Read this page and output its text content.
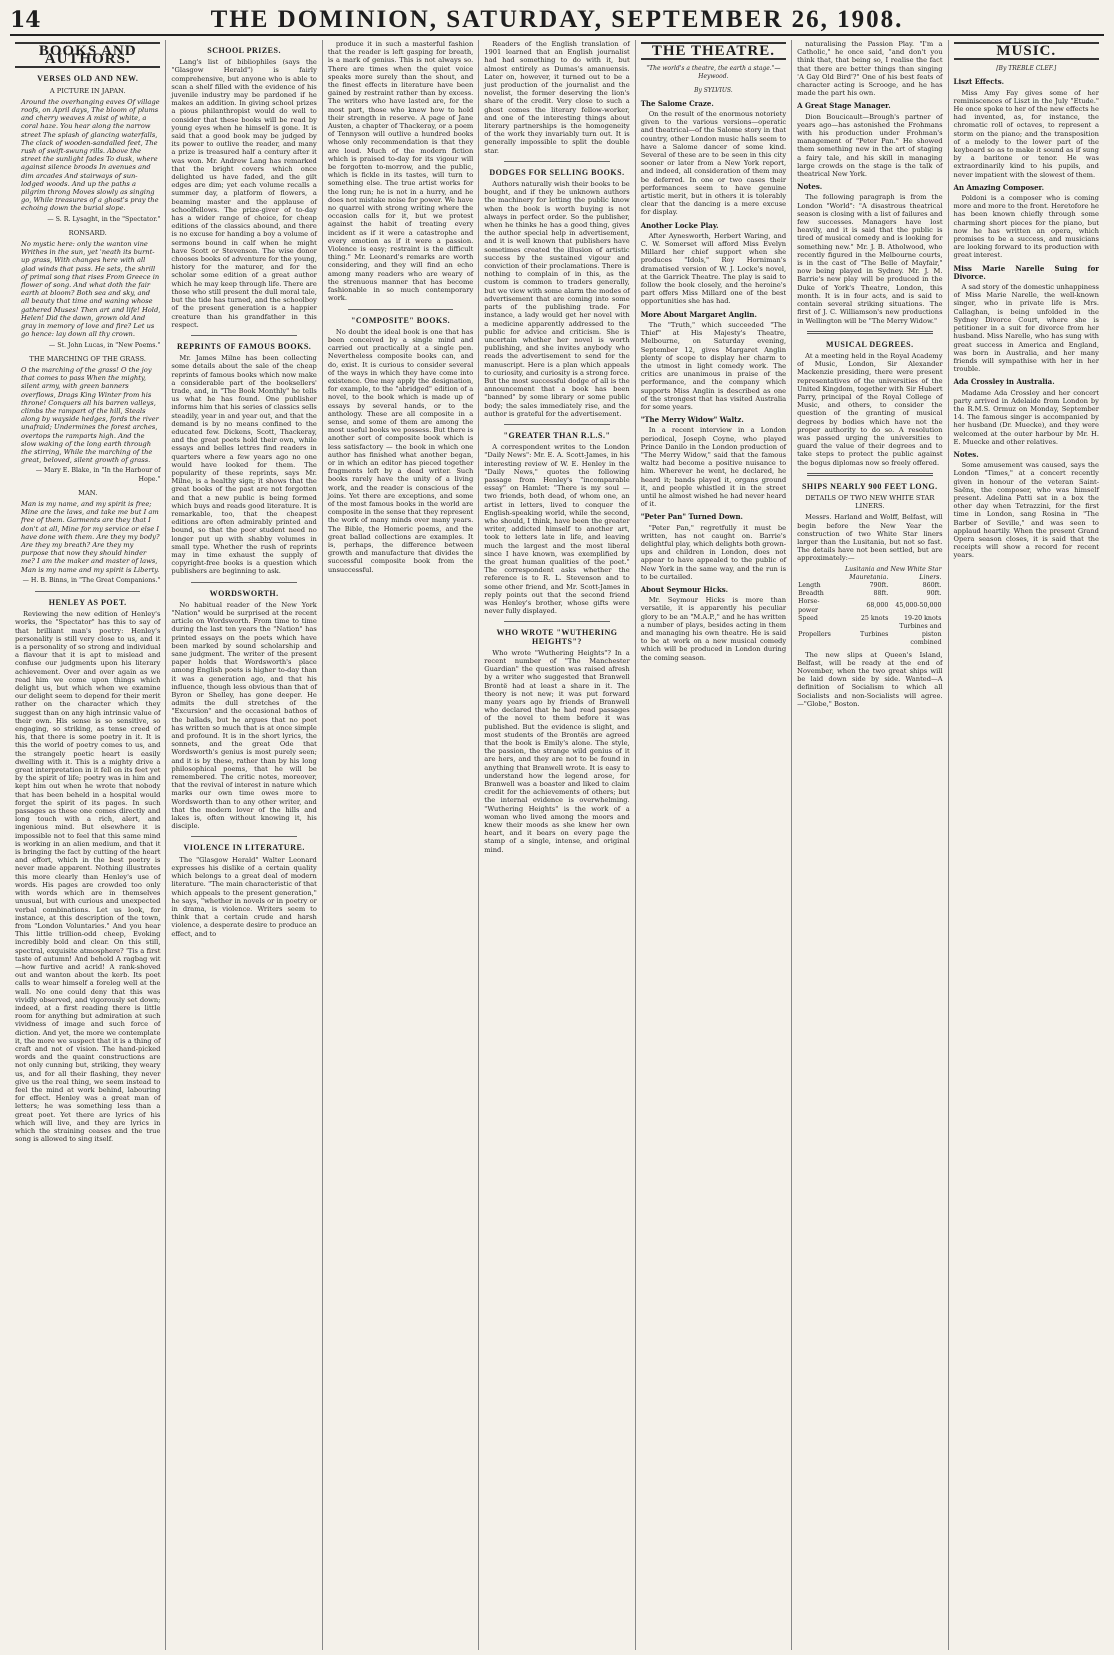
14	THE DOMINION, SATURDAY, SEPTEMBER 26, 1908.
BOOKS AND AUTHORS.
VERSES OLD AND NEW.
A PICTURE IN JAPAN.
Around the overhanging eaves Of village roofs, on April days, The bloom of plums and cherry weaves A mist of white, a coral haze. You hear along the narrow street The splash of glancing waterfalls, The clack of wooden-sandalled feet, The rush of swift-swung rills. Above the street the sunlight fades To dusk, where against silence broods In avenues and dim arcades And stairways of sun-lodged woods. And up the paths a pilgrim throng Moves slowly as singing go, While treasures of a ghost's pray the echoing down the burial slope.
— S. R. Lysaght, in the "Spectator."
RONSARD.
No mystic here: only the wanton vine Writhes in the sun, yet 'neath its burnt-up grass, With changes here with all glad winds that pass. He sets, the shrill of primal song that rises From Greece in flower of song. And what doth the fair earth at bloom? Both sea and sky, and all beauty that time and waning whose gathered Muses! Then art and life! Hold, Helen! Did the dawn, grown old And gray in memory of love and fire? Let us go hence: lay down all thy crown.
— St. John Lucas, in "New Poems."
THE MARCHING OF THE GRASS.
O the marching of the grass! O the joy that comes to pass When the mighty, silent army, with green banners overflows, Drags King Winter from his throne! Conquers all his barren valleys, climbs the rampart of the hill, Steals along by wayside hedges, fords the river unafraid; Undermines the forest arches, overtops the ramparts high. And the slow waking of the long earth through the stirring, While the marching of the great, beloved, silent growth of grass.
— Mary E. Blake, in "In the Harbour of Hope."
MAN.
Man is my name, and my spirit is free; Mine are the laws, and take me but I am free of them. Garments are they that I don't at all, Mine for my service or else I have done with them. Are they my body? Are they my breath? Are they my purpose that now they should hinder me? I am the maker and master of laws, Man is my name and my spirit is Liberty.
— H. B. Binns, in "The Great Companions."
HENLEY AS POET.
Reviewing the new edition of Henley's works, the "Spectator" has this to say of that brilliant man's poetry: Henley's personality is still very close to us, and it is a personality of so strong and individual a flavour that it is apt to mislead and confuse our judgments upon his literary achievement. Over and over again as we read him we come upon things which delight us, but which when we examine our delight seem to depend for their merit rather on the character which they suggest than on any high intrinsic value of their own. His sense is so sensitive, so engaging, so striking, as tense creed of his, that there is some poetry in it. It is this the world of poetry comes to us, and the strangely poetic heart is easily dwelling with it. This is a mighty drive a great interpretation in it fell on its feet yet by the spirit of life; poetry was in him and kept him out when he wrote that nobody that has been beheld in a hospital would forget the spirit of its pages. In such passages as these one comes directly and long touch with a rich, alert, and ingenious mind. But elsewhere it is impossible not to feel that this same mind is working in an alien medium, and that it is bringing the fact by cutting of the heart and effort, which in the best poetry is never made apparent. Nothing illustrates this more clearly than Henley's use of words. His pages are crowded too only with words which are in themselves unusual, but with curious and unexpected verbal combinations. Let us look, for instance, at this description of the town, from "London Voluntaries." And you hear This little trillion-odd cheep, Evoking incredibly bold and clear. On this still, spectral, exquisite atmosphere? 'Tis a first taste of autumn! And behold A ragbag wit—how furtive and acrid! A rank-shoved out and wanton about the kerb. Its poet calls to wear himself a foreleg well at the wall. No one could deny that this was vividly observed, and vigorously set down; indeed, at a first reading there is little room for anything but admiration at such vividness of image and such force of diction. And yet, the more we contemplate it, the more we suspect that it is a thing of craft and not of vision. The hand-picked words and the quaint constructions are not only cunning but, striking, they weary us, and for all their flashing, they never give us the real thing, we seem instead to feel the mind at work behind, labouring for effect. Henley was a great man of letters; he was something less than a great poet. Yet there are lyrics of his which will live, and they are lyrics in which the straining ceases and the true song is allowed to sing itself.
SCHOOL PRIZES.
Lang's list of bibliophiles (says the "Glasgow Herald") is fairly comprehensive, but anyone who is able to scan a shelf filled with the evidence of his juvenile industry may be pardoned if he makes an addition. In giving school prizes a pious philanthropist would do well to consider that these books will be read by young eyes when he himself is gone. It is said that a good book may be judged by its power to outlive the reader, and many a prize is treasured half a century after it was won. Mr. Andrew Lang has remarked that the bright covers which once delighted us have faded, and the gilt edges are dim; yet each volume recalls a summer day, a platform of flowers, a beaming master and the applause of schoolfellows. The prize-giver of to-day has a wider range of choice, for cheap editions of the classics abound, and there is no excuse for handing a boy a volume of sermons bound in calf when he might have Scott or Stevenson. The wise donor chooses books of adventure for the young, history for the maturer, and for the scholar some edition of a great author which he may keep through life. There are those who still present the dull moral tale, but the tide has turned, and the schoolboy of the present generation is a happier creature than his grandfather in this respect.
REPRINTS OF FAMOUS BOOKS.
Mr. James Milne has been collecting some details about the sale of the cheap reprints of famous books which now make a considerable part of the booksellers' trade, and, in "The Book Monthly" he tells us what he has found. One publisher informs him that his series of classics sells steadily, year in and year out, and that the demand is by no means confined to the educated few. Dickens, Scott, Thackeray, and the great poets hold their own, while essays and belles lettres find readers in quarters where a few years ago no one would have looked for them. The popularity of these reprints, says Mr. Milne, is a healthy sign; it shows that the great books of the past are not forgotten and that a new public is being formed which buys and reads good literature. It is remarkable, too, that the cheapest editions are often admirably printed and bound, so that the poor student need no longer put up with shabby volumes in small type. Whether the rush of reprints may in time exhaust the supply of copyright-free books is a question which publishers are beginning to ask.
WORDSWORTH.
No habitual reader of the New York "Nation" would be surprised at the recent article on Wordsworth. From time to time during the last ten years the "Nation" has printed essays on the poets which have been marked by sound scholarship and sane judgment. The writer of the present paper holds that Wordsworth's place among English poets is higher to-day than it was a generation ago, and that his influence, though less obvious than that of Byron or Shelley, has gone deeper. He admits the dull stretches of the "Excursion" and the occasional bathos of the ballads, but he argues that no poet has written so much that is at once simple and profound. It is in the short lyrics, the sonnets, and the great Ode that Wordsworth's genius is most purely seen; and it is by these, rather than by his long philosophical poems, that he will be remembered. The critic notes, moreover, that the revival of interest in nature which marks our own time owes more to Wordsworth than to any other writer, and that the modern lover of the hills and lakes is, often without knowing it, his disciple.
VIOLENCE IN LITERATURE.
The "Glasgow Herald" Walter Leonard expresses his dislike of a certain quality which belongs to a great deal of modern literature. "The main characteristic of that which appeals to the present generation," he says, "whether in novels or in poetry or in drama, is violence. Writers seem to think that a certain crude and harsh violence, a desperate desire to produce an effect, and to
produce it in such a masterful fashion that the reader is left gasping for breath, is a mark of genius. This is not always so. There are times when the quiet voice speaks more surely than the shout, and the finest effects in literature have been gained by restraint rather than by excess. The writers who have lasted are, for the most part, those who knew how to hold their strength in reserve. A page of Jane Austen, a chapter of Thackeray, or a poem of Tennyson will outlive a hundred books whose only recommendation is that they are loud. Much of the modern fiction which is praised to-day for its vigour will be forgotten to-morrow, and the public, which is fickle in its tastes, will turn to something else. The true artist works for the long run; he is not in a hurry, and he does not mistake noise for power. We have no quarrel with strong writing where the occasion calls for it, but we protest against the habit of treating every incident as if it were a catastrophe and every emotion as if it were a passion. Violence is easy; restraint is the difficult thing." Mr. Leonard's remarks are worth considering, and they will find an echo among many readers who are weary of the strenuous manner that has become fashionable in so much contemporary work.
"COMPOSITE" BOOKS.
No doubt the ideal book is one that has been conceived by a single mind and carried out practically at a single pen. Nevertheless composite books can, and do, exist. It is curious to consider several of the ways in which they have come into existence. One may apply the designation, for example, to the "abridged" edition of a novel, to the book which is made up of essays by several hands, or to the anthology. These are all composite in a sense, and some of them are among the most useful books we possess. But there is another sort of composite book which is less satisfactory — the book in which one author has finished what another began, or in which an editor has pieced together fragments left by a dead writer. Such books rarely have the unity of a living work, and the reader is conscious of the joins. Yet there are exceptions, and some of the most famous books in the world are composite in the sense that they represent the work of many minds over many years. The Bible, the Homeric poems, and the great ballad collections are examples. It is, perhaps, the difference between growth and manufacture that divides the successful composite book from the unsuccessful.
Readers of the English translation of 1901 learned that an English journalist had had something to do with it, but almost entirely as Dumas's amanuensis. Later on, however, it turned out to be a just production of the journalist and the novelist, the former deserving the lion's share of the credit. Very close to such a ghost comes the literary fellow-worker, and one of the interesting things about literary partnerships is the homogeneity of the work they invariably turn out. It is generally impossible to split the double star.
DODGES FOR SELLING BOOKS.
Authors naturally wish their books to be bought, and if they be unknown authors the machinery for letting the public know when the book is worth buying is not always in perfect order. So the publisher, when he thinks he has a good thing, gives the author special help in advertisement, and it is well known that publishers have sometimes created the illusion of artistic success by the sustained vigour and conviction of their proclamations. There is nothing to complain of in this, as the custom is common to traders generally, but we view with some alarm the modes of advertisement that are coming into some parts of the publishing trade. For instance, a lady would get her novel with a medicine apparently addressed to the public for advice and criticism. She is uncertain whether her novel is worth publishing, and she invites anybody who reads the advertisement to send for the manuscript. Here is a plan which appeals to curiosity, and curiosity is a strong force. But the most successful dodge of all is the announcement that a book has been "banned" by some library or some public body; the sales immediately rise, and the author is grateful for the advertisement.
"GREATER THAN R.L.S."
A correspondent writes to the London "Daily News": Mr. E. A. Scott-James, in his interesting review of W. E. Henley in the "Daily News," quotes the following passage from Henley's "incomparable essay" on Hamlet: "There is my soul — two friends, both dead, of whom one, an artist in letters, lived to conquer the English-speaking world, while the second, who should, I think, have been the greater writer, addicted himself to another art, took to letters late in life, and leaving much the largest and the most liberal since I have known, was exemplified by the great human qualities of the poet." The correspondent asks whether the reference is to R. L. Stevenson and to some other friend, and Mr. Scott-James in reply points out that the second friend was Henley's brother, whose gifts were never fully displayed.
WHO WROTE "WUTHERING HEIGHTS"?
Who wrote "Wuthering Heights"? In a recent number of "The Manchester Guardian" the question was raised afresh by a writer who suggested that Branwell Brontë had at least a share in it. The theory is not new; it was put forward many years ago by friends of Branwell who declared that he had read passages of the novel to them before it was published. But the evidence is slight, and most students of the Brontës are agreed that the book is Emily's alone. The style, the passion, the strange wild genius of it are hers, and they are not to be found in anything that Branwell wrote. It is easy to understand how the legend arose, for Branwell was a boaster and liked to claim credit for the achievements of others; but the internal evidence is overwhelming. "Wuthering Heights" is the work of a woman who lived among the moors and knew their moods as she knew her own heart, and it bears on every page the stamp of a single, intense, and original mind.
THE THEATRE.
"The world's a theatre, the earth a stage."—Heywood.
By SYLVIUS.
The Salome Craze.
On the result of the enormous notoriety given to the various versions—operatic and theatrical—of the Salome story in that country, other London music halls seem to have a Salome dancer of some kind. Several of these are to be seen in this city sooner or later from a New York report, and indeed, all consideration of them may be deferred. In one or two cases their performances seem to have genuine artistic merit, but in others it is tolerably clear that the dancing is a mere excuse for display.
Another Locke Play.
After Aynesworth, Herbert Waring, and C. W. Somerset will afford Miss Evelyn Millard her chief support when she produces "Idols," Roy Horniman's dramatised version of W. J. Locke's novel, at the Garrick Theatre. The play is said to follow the book closely, and the heroine's part offers Miss Millard one of the best opportunities she has had.
More About Margaret Anglin.
The "Truth," which succeeded "The Thief" at His Majesty's Theatre, Melbourne, on Saturday evening, September 12, gives Margaret Anglin plenty of scope to display her charm to the utmost in light comedy work. The critics are unanimous in praise of the performance, and the company which supports Miss Anglin is described as one of the strongest that has visited Australia for some years.
"The Merry Widow" Waltz.
In a recent interview in a London periodical, Joseph Coyne, who played Prince Danilo in the London production of "The Merry Widow," said that the famous waltz had become a positive nuisance to him. Wherever he went, he declared, he heard it; bands played it, organs ground it, and people whistled it in the street until he almost wished he had never heard of it.
"Peter Pan" Turned Down.
"Peter Pan," regretfully it must be written, has not caught on. Barrie's delightful play, which delights both grown-ups and children in London, does not appear to have appealed to the public of New York in the same way, and the run is to be curtailed.
About Seymour Hicks.
Mr. Seymour Hicks is more than versatile, it is apparently his peculiar glory to be an "M.A.P.," and he has written a number of plays, besides acting in them and managing his own theatre. He is said to be at work on a new musical comedy which will be produced in London during the coming season.
naturalising the Passion Play. "I'm a Catholic," he once said, "and don't you think that, that being so, I realise the fact that there are better things than singing 'A Gay Old Bird'?" One of his best feats of character acting is Scrooge, and he has made the part his own.
A Great Stage Manager.
Dion Boucicault—Brough's partner of years ago—has astonished the Frohmans with his production under Frohman's management of "Peter Pan." He showed them something new in the art of staging a fairy tale, and his skill in managing large crowds on the stage is the talk of theatrical New York.
Notes.
The following paragraph is from the London "World": "A disastrous theatrical season is closing with a list of failures and few successes. Managers have lost heavily, and it is said that the public is tired of musical comedy and is looking for something new." Mr. J. B. Atholwood, who recently figured in the Melbourne courts, is in the cast of "The Belle of Mayfair," now being played in Sydney. Mr. J. M. Barrie's new play will be produced in the Duke of York's Theatre, London, this month. It is in four acts, and is said to contain several striking situations. The first of J. C. Williamson's new productions in Wellington will be "The Merry Widow."
MUSICAL DEGREES.
At a meeting held in the Royal Academy of Music, London, Sir Alexander Mackenzie presiding, there were present representatives of the universities of the United Kingdom, together with Sir Hubert Parry, principal of the Royal College of Music, and others, to consider the question of the granting of musical degrees by bodies which have not the proper authority to do so. A resolution was passed urging the universities to guard the value of their degrees and to take steps to protect the public against the bogus diplomas now so freely offered.
SHIPS NEARLY 900 FEET LONG.
DETAILS OF TWO NEW WHITE STAR LINERS.
Messrs. Harland and Wolff, Belfast, will begin before the New Year the construction of two White Star liners larger than the Lusitania, but not so fast. The details have not been settled, but are approximately:—
	Lusitania and Mauretania.	New White Star Liners.
Length	790ft.	860ft.
Breadth	88ft.	90ft.
Horse-power	68,000	45,000-50,000
Speed	25 knots	19-20 knots
Propellers	Turbines	Turbines and piston combined
The new slips at Queen's Island, Belfast, will be ready at the end of November, when the two great ships will be laid down side by side. Wanted—A definition of Socialism to which all Socialists and non-Socialists will agree.—"Globe," Boston.
MUSIC.
[By TREBLE CLEF.]
Liszt Effects.
Miss Amy Fay gives some of her reminiscences of Liszt in the July "Etude." He once spoke to her of the new effects he had invented, as, for instance, the chromatic roll of octaves, to represent a storm on the piano; and the transposition of a melody to the lower part of the keyboard so as to make it sound as if sung by a baritone or tenor. He was extraordinarily kind to his pupils, and never impatient with the slowest of them.
An Amazing Composer.
Poldoni is a composer who is coming more and more to the front. Heretofore he has been known chiefly through some charming short pieces for the piano, but now he has written an opera, which promises to be a success, and musicians are looking forward to its production with great interest.
Miss Marie Narelle Suing for Divorce.
A sad story of the domestic unhappiness of Miss Marie Narelle, the well-known singer, who in private life is Mrs. Callaghan, is being unfolded in the Sydney Divorce Court, where she is petitioner in a suit for divorce from her husband. Miss Narelle, who has sung with great success in America and England, was born in Australia, and her many friends will sympathise with her in her trouble.
Ada Crossley in Australia.
Madame Ada Crossley and her concert party arrived in Adelaide from London by the R.M.S. Ormuz on Monday, September 14. The famous singer is accompanied by her husband (Dr. Muecke), and they were welcomed at the outer harbour by Mr. H. E. Muecke and other relatives.
Notes.
Some amusement was caused, says the London "Times," at a concert recently given in honour of the veteran Saint-Saëns, the composer, who was himself present. Adelina Patti sat in a box the other day when Tetrazzini, for the first time in London, sang Rosina in "The Barber of Seville," and was seen to applaud heartily. When the present Grand Opera season closes, it is said that the receipts will show a record for recent years.
